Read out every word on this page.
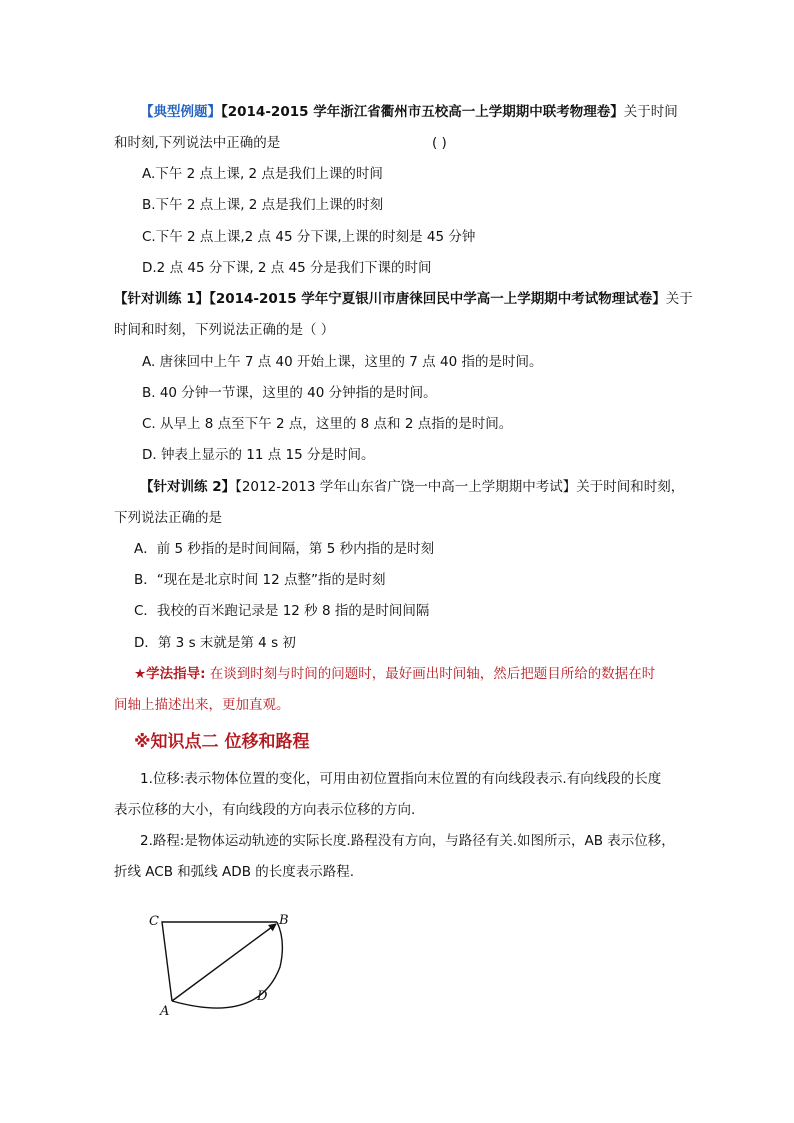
【典型例题】【2014-2015 学年浙江省衢州市五校高一上学期期中联考物理卷】关于时间
和时刻,下列说法中正确的是	( )
A.下午 2 点上课, 2 点是我们上课的时间
B.下午 2 点上课, 2 点是我们上课的时刻
C.下午 2 点上课,2 点 45 分下课,上课的时刻是 45 分钟
D.2 点 45 分下课, 2 点 45 分是我们下课的时间
【针对训练 1】【2014-2015 学年宁夏银川市唐徕回民中学高一上学期期中考试物理试卷】关于
时间和时刻，下列说法正确的是（ ）
A. 唐徕回中上午 7 点 40 开始上课，这里的 7 点 40 指的是时间。
B. 40 分钟一节课，这里的 40 分钟指的是时间。
C. 从早上 8 点至下午 2 点，这里的 8 点和 2 点指的是时间。
D. 钟表上显示的 11 点 15 分是时间。
【针对训练 2】【2012-2013 学年山东省广饶一中高一上学期期中考试】关于时间和时刻，
下列说法正确的是
A．前 5 秒指的是时间间隔，第 5 秒内指的是时刻
B．“现在是北京时间 12 点整”指的是时刻
C．我校的百米跑记录是 12 秒 8 指的是时间间隔
D．第 3 s 末就是第 4 s 初
★学法指导: 在谈到时刻与时间的问题时，最好画出时间轴，然后把题目所给的数据在时
间轴上描述出来，更加直观。
※知识点二 位移和路程
1.位移:表示物体位置的变化，可用由初位置指向末位置的有向线段表示.有向线段的长度
表示位移的大小，有向线段的方向表示位移的方向.
2.路程:是物体运动轨迹的实际长度.路程没有方向，与路径有关.如图所示，AB 表示位移，
折线 ACB 和弧线 ADB 的长度表示路程.
C	B
A
D
